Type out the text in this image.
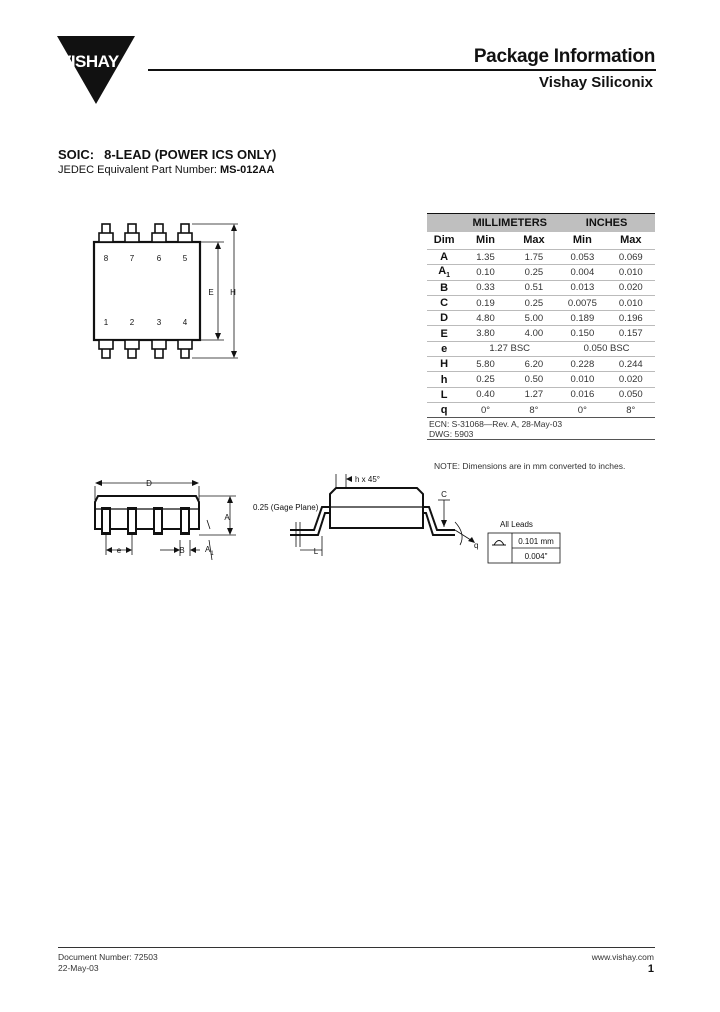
VISHAY	Package Information
Vishay Siliconix
SOIC: 8-LEAD (POWER ICS ONLY)
JEDEC Equivalent Part Number: MS-012AA
8	7	6	5
1	2	3	4
E H
D
A
e	B	$A_1$
h x 45°
0.25 (Gage Plane)
C
L
q
All Leads
0.101 mm
0.004"
	MILLIMETERS		INCHES	
Dim	Min	Max	Min	Max
A	1.35	1.75	0.053	0.069
$A_1$	0.10	0.25	0.004	0.010
B	0.33	0.51	0.013	0.020
C	0.19	0.25	0.0075	0.010
D	4.80	5.00	0.189	0.196
E	3.80	4.00	0.150	0.157
e	1.27 BSC		0.050 BSC	
H	5.80	6.20	0.228	0.244
h	0.25	0.50	0.010	0.020
L	0.40	1.27	0.016	0.050
q	0°	8°	0°	8°

ECN: S-31068—Rev. A, 28-May-03
DWG: 5903				
NOTE: Dimensions are in mm converted to inches.
Document Number: 72503
22-May-03
www.vishay.com
1
